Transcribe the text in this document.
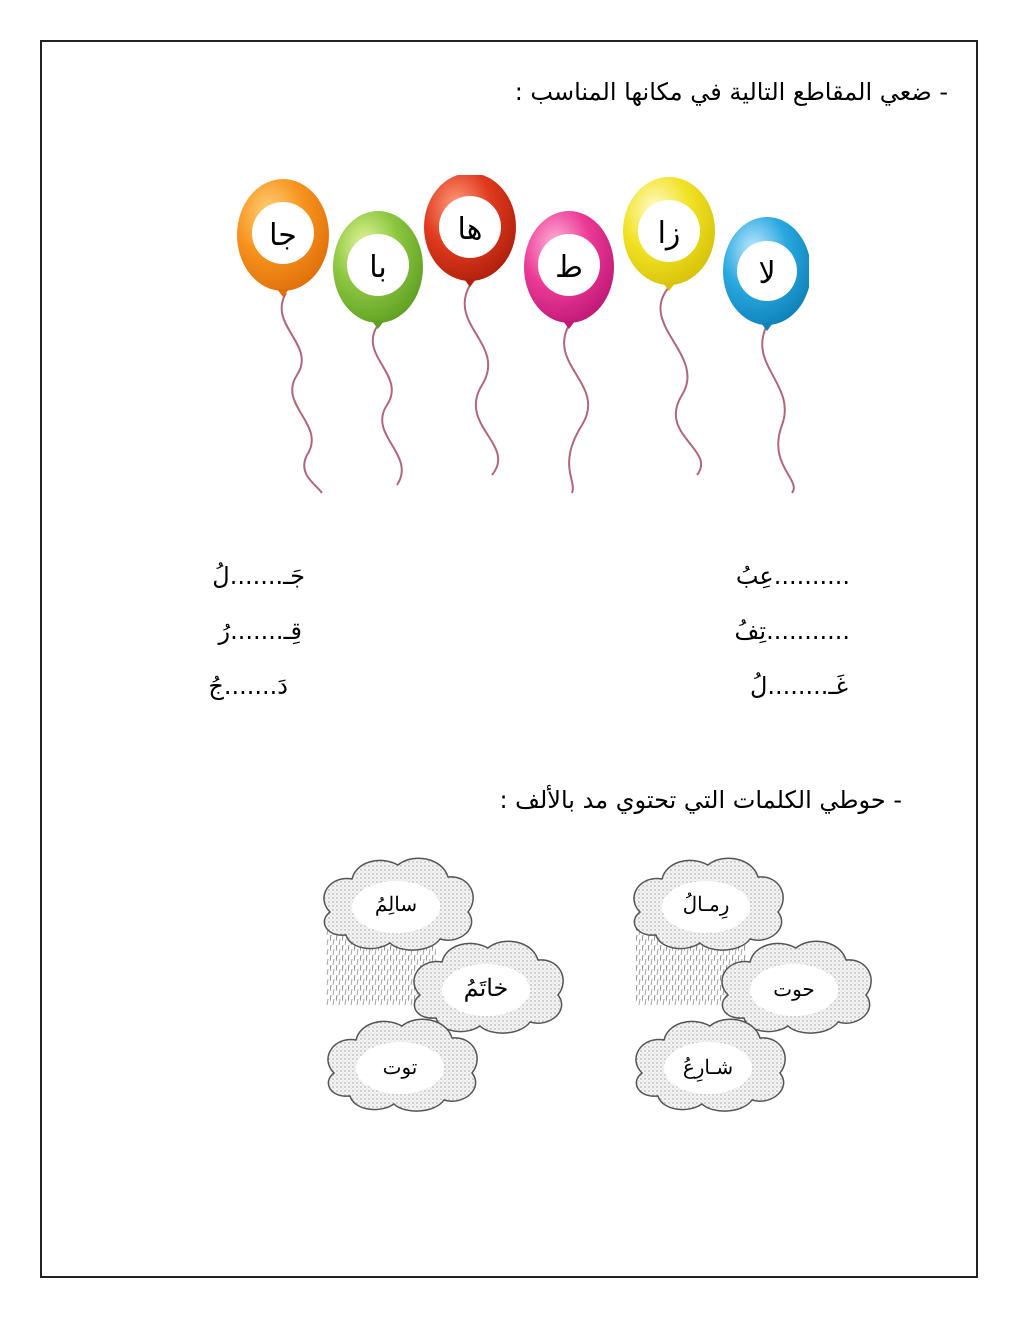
- ضعي المقاطع التالية في مكانها المناسب :
جا
با
ها
ط
زا
لا
..........عِبُ
...........تِفُ
غَـ........لُ
جَـ.......لُ
قِـ.......رُ
دَ.......جُ
- حوطي الكلمات التي تحتوي مد بالألف :
سالِمُ
خاتَمُ
توت
رِمـالُ
حوت
شـارِعُ
